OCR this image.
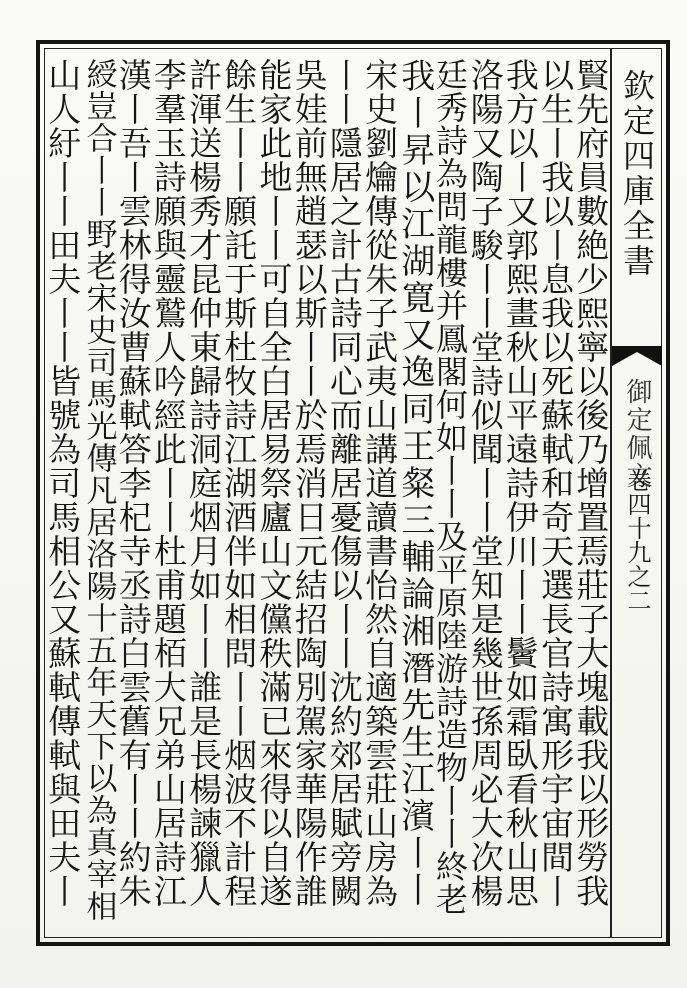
欽定四庫全書
御定佩文
卷四十九之二
賢先府員數絶少熙寧以後乃增置焉莊子大塊載我以形勞我
以生丨我以丨息我以死蘇軾和奇天選長官詩寓形宇宙間丨
我方以丨又郭熙畫秋山平遠詩伊川丨丨鬢如霜臥看秋山思
洛陽又陶子駿丨丨堂詩似聞丨丨堂知是幾世孫周必大次楊
廷秀詩為問龍樓并鳳閣何如丨丨及平原陸游詩造物丨丨終老
我丨昇以江湖寛又逸同王粲三輔論湘潛先生江濱丨丨
宋史劉爚傳從朱子武夷山講道讀書怡然自適築雲莊山房為
丨丨隱居之計古詩同心而離居憂傷以丨丨沈約郊居賦旁闕
吳娃前無趙瑟以斯丨丨於焉消日元結招陶別駕家華陽作誰
能家此地丨丨可自全白居易祭廬山文儻秩滿已來得以自遂
餘生丨丨願託于斯杜牧詩江湖酒伴如相問丨丨烟波不計程
許渾送楊秀才昆仲東歸詩洞庭烟月如丨丨誰是長楊諫獵人
李羣玉詩願與靈鷲人吟經此丨丨杜甫題栢大兄弟山居詩江
漢丨吾丨雲林得汝曹蘇軾答李杞寺丞詩白雲舊有丨丨約朱
綬豈合丨丨野老宋史司馬光傳凡居洛陽十五年天下以為真宰相
山人紆丨丨田夫丨丨皆號為司馬相公又蘇軾傳軾與田夫丨
